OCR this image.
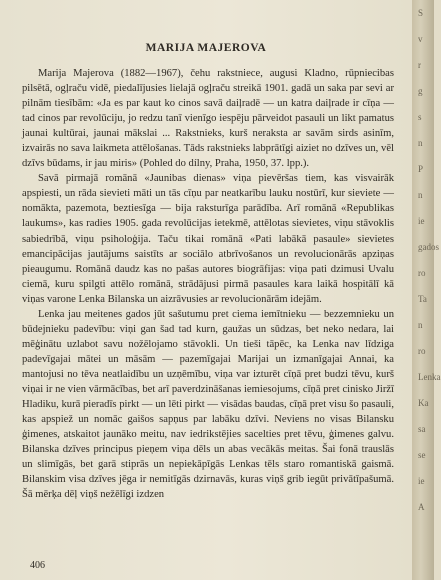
MARIJA MAJEROVA

Marija Majerova (1882—1967), čehu rakstniece, augusi Kladno, rūpniecibas pilsētā, ogļraču vidē, piedalījusies lielajā ogļraču streikā 1901. gadā un saka par sevi ar pilnām tiesībām: «Ja es par kaut ko cinos savā daiļradē — un katra daiļrade ir cīņa — tad cinos par revolūciju, jo redzu tanī vienīgo iespēju pārveidot pasauli un likt pamatus jaunai kultūrai, jaunai mākslai ... Rakstnieks, kurš neraksta ar savām sirds asinīm, izvairās no sava laikmeta attēlošanas. Tāds rakstnieks labprātīgi aiziet no dzīves un, vēl dzīvs būdams, ir jau miris» (Pohled do dílny, Praha, 1950, 37. lpp.).

Savā pirmajā romānā «Jaunibas dienas» viņa pievēršas tiem, kas visvairāk apspiesti, un rāda sievieti māti un tās cīņu par neatkarību lauku nostūrī, kur sieviete — nomākta, pazemota, beztiesīga — bija raksturīga parādība. Arī romānā «Republikas laukums», kas radies 1905. gada revolūcijas ietekmē, attēlotas sievietes, viņu stāvoklis sabiedrībā, viņu psiholoģija. Taču tikai romānā «Pati labākā pasaule» sievietes emancipācijas jautājums saistīts ar sociālo atbrīvošanos un revolucionārās apziņas pieaugumu. Romānā daudz kas no pašas autores biogrāfijas: viņa pati dzimusi Uvalu ciemā, kuru spilgti attēlo romānā, strādājusi pirmā pasaules kara laikā hospitālī kā viņas varone Lenka Bilanska un aizrāvusies ar revolucionārām idejām.

Lenka jau meitenes gados jūt sašutumu pret ciema iemītnieku — bezzemnieku un būdejnieku padevību: viņi gan šad tad kurn, gaužas un sūdzas, bet neko nedara, lai mēģinātu uzlabot savu nožēlojamo stāvokli. Un tieši tāpēc, ka Lenka nav līdziga padevīgajai mātei un māsām — pazemīgajai Marijai un izmanīgajai Annai, ka mantojusi no tēva neatlaidību un uzņēmību, viņa var izturēt cīņā pret budzi tēvu, kurš viņai ir ne vien vārmācības, bet arī paverdzināšanas iemiesojums, cīņā pret cinisko Jiržī Hladiku, kurā pieradīs pirkt — un lēti pirkt — visādas baudas, cīņā pret visu šo pasauli, kas apspiež un nomāc gaišos sapņus par labāku dzīvi. Neviens no visas Bilansku ģimenes, atskaitot jaunāko meitu, nav iedrikstējies sacelties pret tēvu, ģimenes galvu. Bilanska dzīves principus pieņem viņa dēls un abas vecākās meitas. Šai fonā trauslās un slimīgās, bet garā stiprās un nepiekāpīgās Lenkas tēls staro romantiskā gaismā. Bilanskim visa dzīves jēga ir nemitīgās dzirnavās, kuras viņš grib iegūt privātīpašumā. Šā mērķa dēļ viņš nežēlīgi izdzen

406
S
v
r
g
s
n
P
n
ie
gados
ro
Ta
n
ro
Lenka
Ka
sa
se
ie
A
